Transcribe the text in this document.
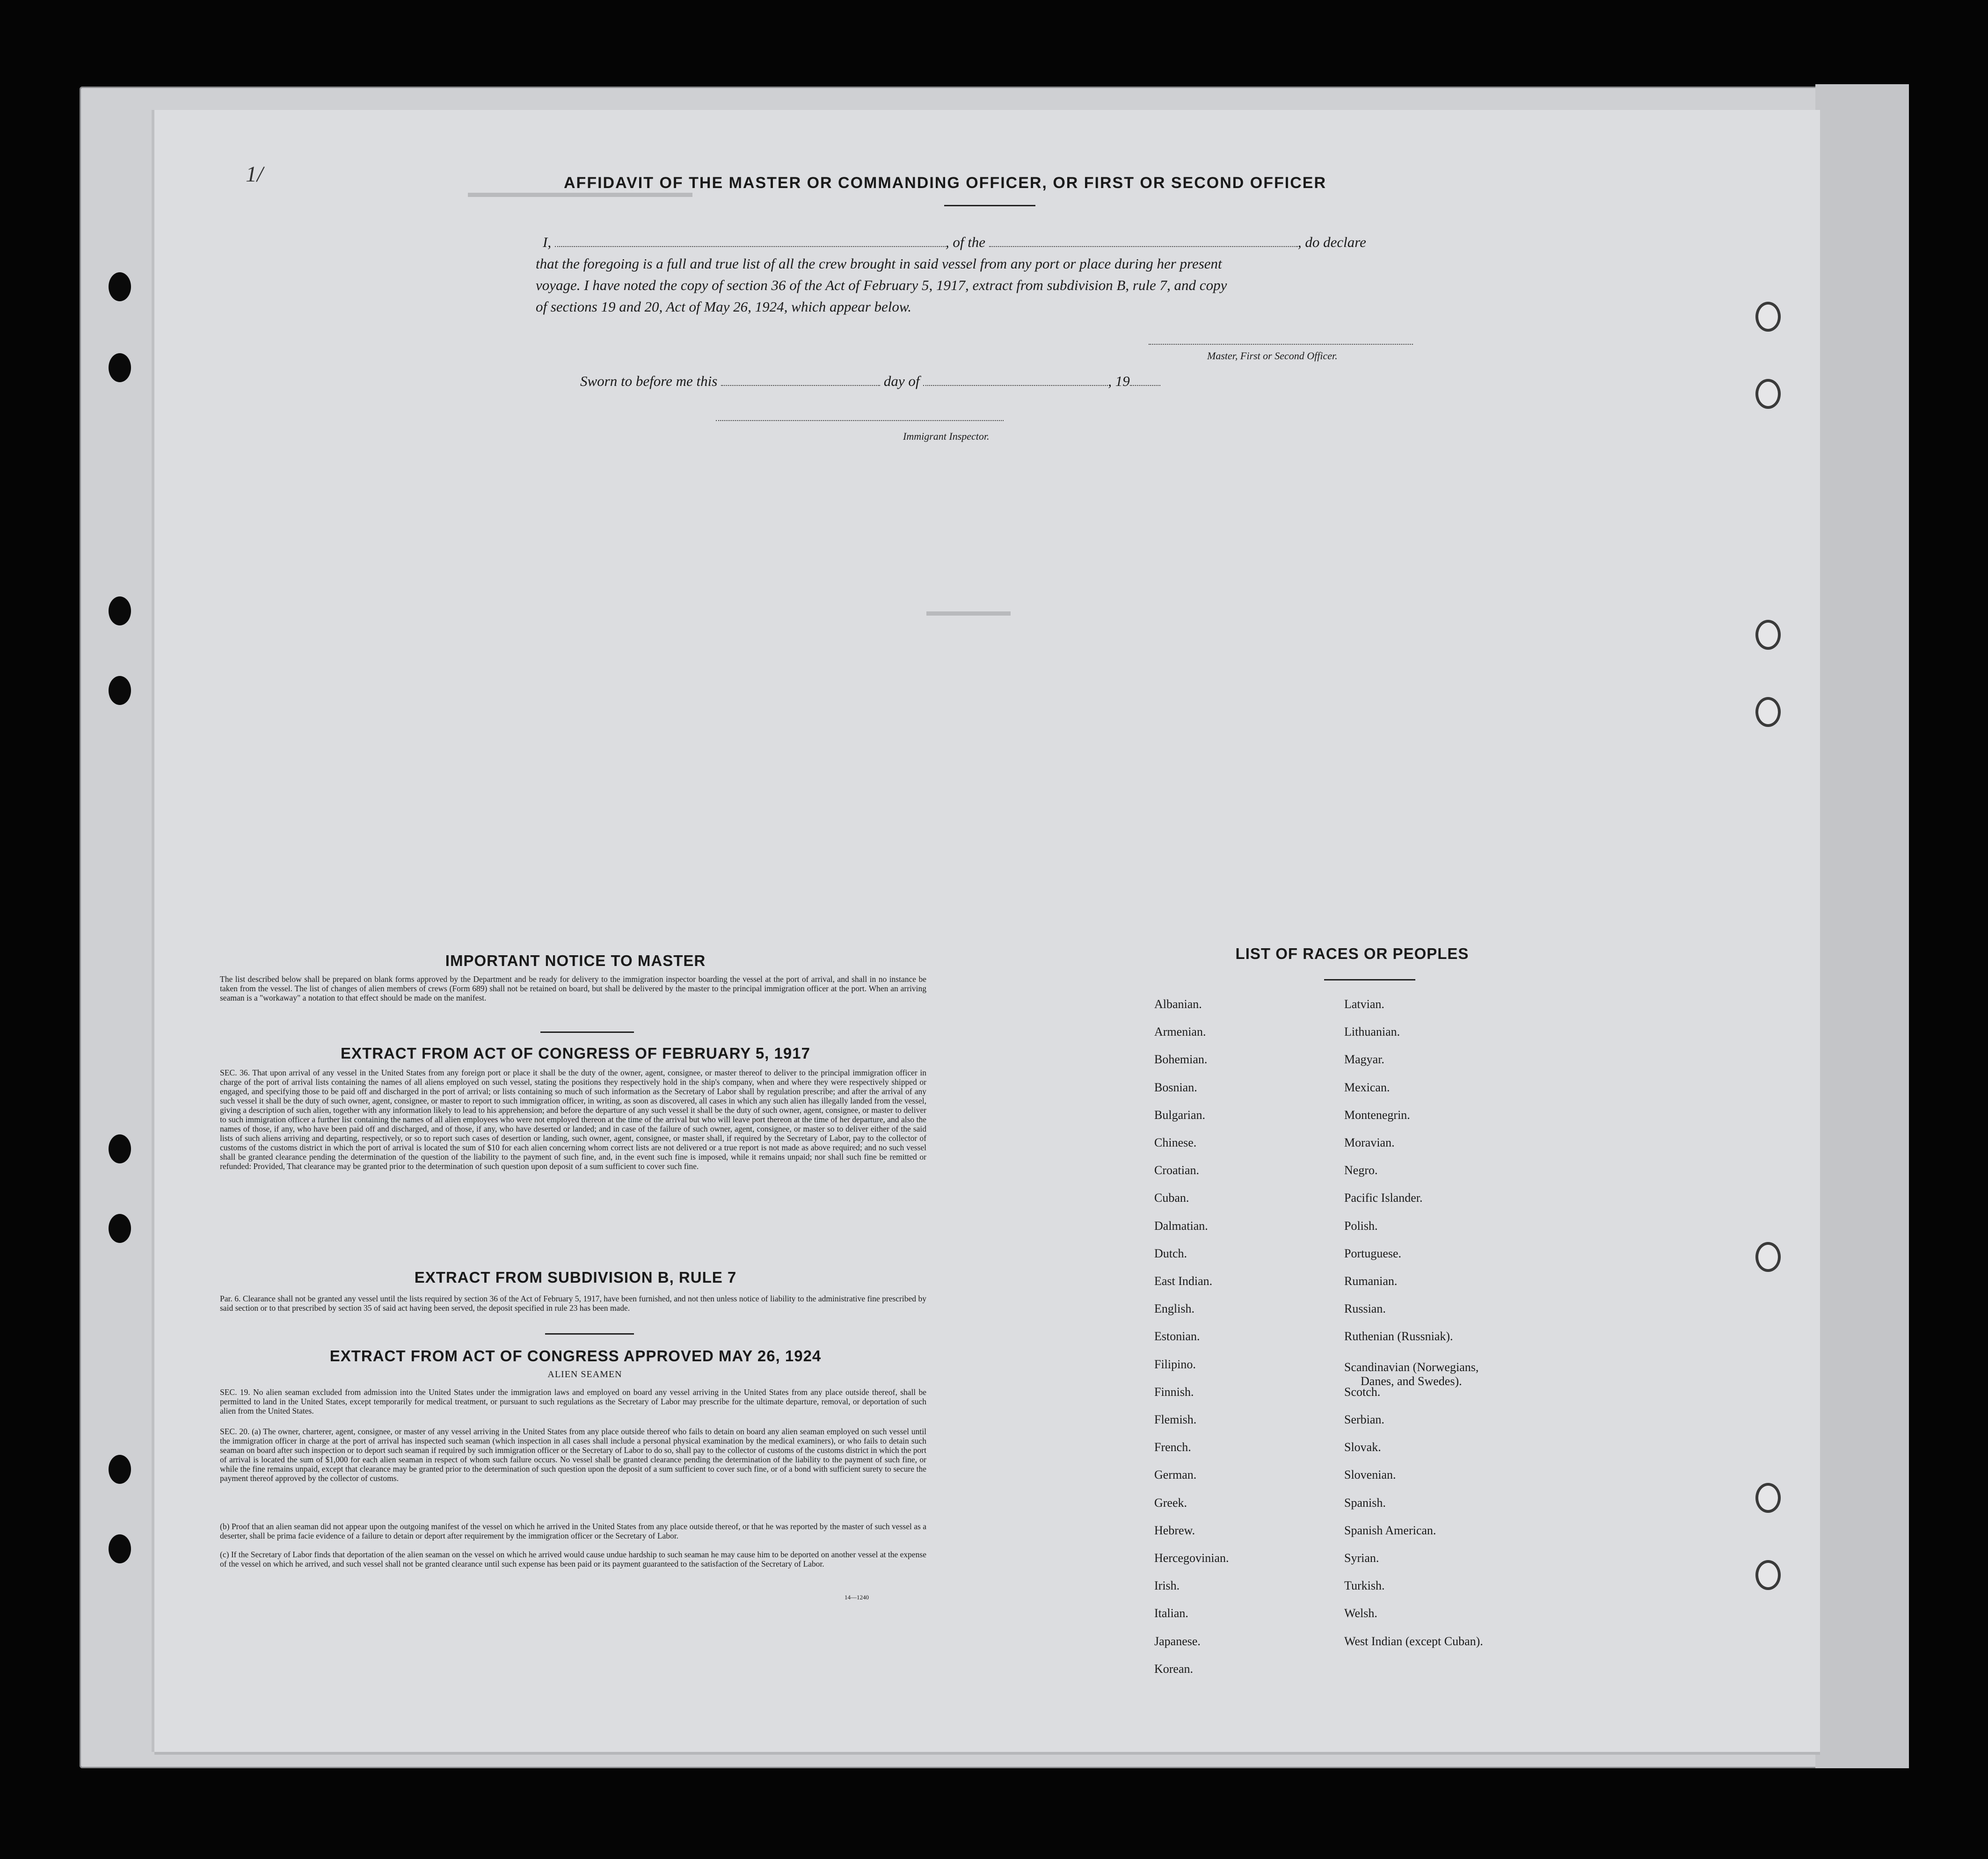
1/	AFFIDAVIT OF THE MASTER OR COMMANDING OFFICER, OR FIRST OR SECOND OFFICER
I,	, of the	, do declare
that the foregoing is a full and true list of all the crew brought in said vessel from any port or place during her present
voyage. I have noted the copy of section 36 of the Act of February 5, 1917, extract from subdivision B, rule 7, and copy
of sections 19 and 20, Act of May 26, 1924, which appear below.
Master, First or Second Officer.
Sworn to before me this	day of	, 19
Immigrant Inspector.
▬▬▬▬▬▬▬▬▬▬▬▬▬▬▬▬
▬▬▬▬▬▬
IMPORTANT NOTICE TO MASTER
The list described below shall be prepared on blank forms approved by the Department and be ready for delivery to the immigration inspector boarding the vessel at the port of arrival, and shall in no instance be taken from the vessel. The list of changes of alien members of crews (Form 689) shall not be retained on board, but shall be delivered by the master to the principal immigration officer at the port. When an arriving seaman is a "workaway" a notation to that effect should be made on the manifest.
EXTRACT FROM ACT OF CONGRESS OF FEBRUARY 5, 1917
SEC. 36. That upon arrival of any vessel in the United States from any foreign port or place it shall be the duty of the owner, agent, consignee, or master thereof to deliver to the principal immigration officer in charge of the port of arrival lists containing the names of all aliens employed on such vessel, stating the positions they respectively hold in the ship's company, when and where they were respectively shipped or engaged, and specifying those to be paid off and discharged in the port of arrival; or lists containing so much of such information as the Secretary of Labor shall by regulation prescribe; and after the arrival of any such vessel it shall be the duty of such owner, agent, consignee, or master to report to such immigration officer, in writing, as soon as discovered, all cases in which any such alien has illegally landed from the vessel, giving a description of such alien, together with any information likely to lead to his apprehension; and before the departure of any such vessel it shall be the duty of such owner, agent, consignee, or master to deliver to such immigration officer a further list containing the names of all alien employees who were not employed thereon at the time of the arrival but who will leave port thereon at the time of her departure, and also the names of those, if any, who have been paid off and discharged, and of those, if any, who have deserted or landed; and in case of the failure of such owner, agent, consignee, or master so to deliver either of the said lists of such aliens arriving and departing, respectively, or so to report such cases of desertion or landing, such owner, agent, consignee, or master shall, if required by the Secretary of Labor, pay to the collector of customs of the customs district in which the port of arrival is located the sum of $10 for each alien concerning whom correct lists are not delivered or a true report is not made as above required; and no such vessel shall be granted clearance pending the determination of the question of the liability to the payment of such fine, and, in the event such fine is imposed, while it remains unpaid; nor shall such fine be remitted or refunded: Provided, That clearance may be granted prior to the determination of such question upon deposit of a sum sufficient to cover such fine.
EXTRACT FROM SUBDIVISION B, RULE 7
Par. 6. Clearance shall not be granted any vessel until the lists required by section 36 of the Act of February 5, 1917, have been furnished, and not then unless notice of liability to the administrative fine prescribed by said section or to that prescribed by section 35 of said act having been served, the deposit specified in rule 23 has been made.
EXTRACT FROM ACT OF CONGRESS APPROVED MAY 26, 1924
ALIEN SEAMEN
SEC. 19. No alien seaman excluded from admission into the United States under the immigration laws and employed on board any vessel arriving in the United States from any place outside thereof, shall be permitted to land in the United States, except temporarily for medical treatment, or pursuant to such regulations as the Secretary of Labor may prescribe for the ultimate departure, removal, or deportation of such alien from the United States.
SEC. 20. (a) The owner, charterer, agent, consignee, or master of any vessel arriving in the United States from any place outside thereof who fails to detain on board any alien seaman employed on such vessel until the immigration officer in charge at the port of arrival has inspected such seaman (which inspection in all cases shall include a personal physical examination by the medical examiners), or who fails to detain such seaman on board after such inspection or to deport such seaman if required by such immigration officer or the Secretary of Labor to do so, shall pay to the collector of customs of the customs district in which the port of arrival is located the sum of $1,000 for each alien seaman in respect of whom such failure occurs. No vessel shall be granted clearance pending the determination of the liability to the payment of such fine, or while the fine remains unpaid, except that clearance may be granted prior to the determination of such question upon the deposit of a sum sufficient to cover such fine, or of a bond with sufficient surety to secure the payment thereof approved by the collector of customs.
(b) Proof that an alien seaman did not appear upon the outgoing manifest of the vessel on which he arrived in the United States from any place outside thereof, or that he was reported by the master of such vessel as a deserter, shall be prima facie evidence of a failure to detain or deport after requirement by the immigration officer or the Secretary of Labor.
(c) If the Secretary of Labor finds that deportation of the alien seaman on the vessel on which he arrived would cause undue hardship to such seaman he may cause him to be deported on another vessel at the expense of the vessel on which he arrived, and such vessel shall not be granted clearance until such expense has been paid or its payment guaranteed to the satisfaction of the Secretary of Labor.
14—1240
LIST OF RACES OR PEOPLES
Albanian.
Armenian.
Bohemian.
Bosnian.
Bulgarian.
Chinese.
Croatian.
Cuban.
Dalmatian.
Dutch.
East Indian.
English.
Estonian.
Filipino.
Finnish.
Flemish.
French.
German.
Greek.
Hebrew.
Hercegovinian.
Irish.
Italian.
Japanese.
Korean.
Latvian.
Lithuanian.
Magyar.
Mexican.
Montenegrin.
Moravian.
Negro.
Pacific Islander.
Polish.
Portuguese.
Rumanian.
Russian.
Ruthenian (Russniak).
Scandinavian (Norwegians,
Danes, and Swedes).
Scotch.
Serbian.
Slovak.
Slovenian.
Spanish.
Spanish American.
Syrian.
Turkish.
Welsh.
West Indian (except Cuban).
